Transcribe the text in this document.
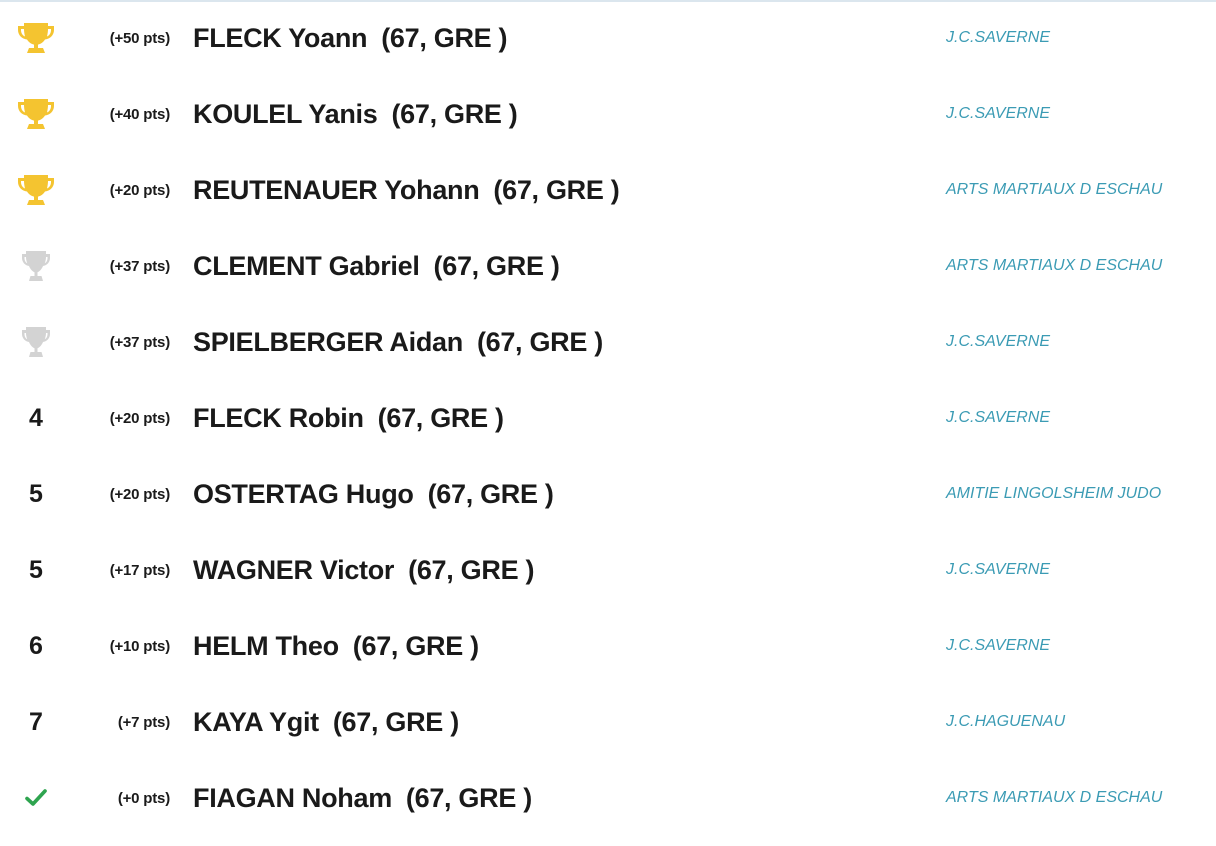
(+50 pts) FLECK Yoann (67, GRE )	J.C.SAVERNE
(+40 pts) KOULEL Yanis (67, GRE )	J.C.SAVERNE
(+20 pts) REUTENAUER Yohann (67, GRE )	ARTS MARTIAUX D ESCHAU
(+37 pts) CLEMENT Gabriel (67, GRE )	ARTS MARTIAUX D ESCHAU
(+37 pts) SPIELBERGER Aidan (67, GRE )	J.C.SAVERNE
4	(+20 pts) FLECK Robin (67, GRE )	J.C.SAVERNE
5	(+20 pts) OSTERTAG Hugo (67, GRE )	AMITIE LINGOLSHEIM JUDO
5	(+17 pts) WAGNER Victor (67, GRE )	J.C.SAVERNE
6	(+10 pts) HELM Theo (67, GRE )	J.C.SAVERNE
7	(+7 pts) KAYA Ygit (67, GRE )	J.C.HAGUENAU
(+0 pts) FIAGAN Noham (67, GRE )	ARTS MARTIAUX D ESCHAU
